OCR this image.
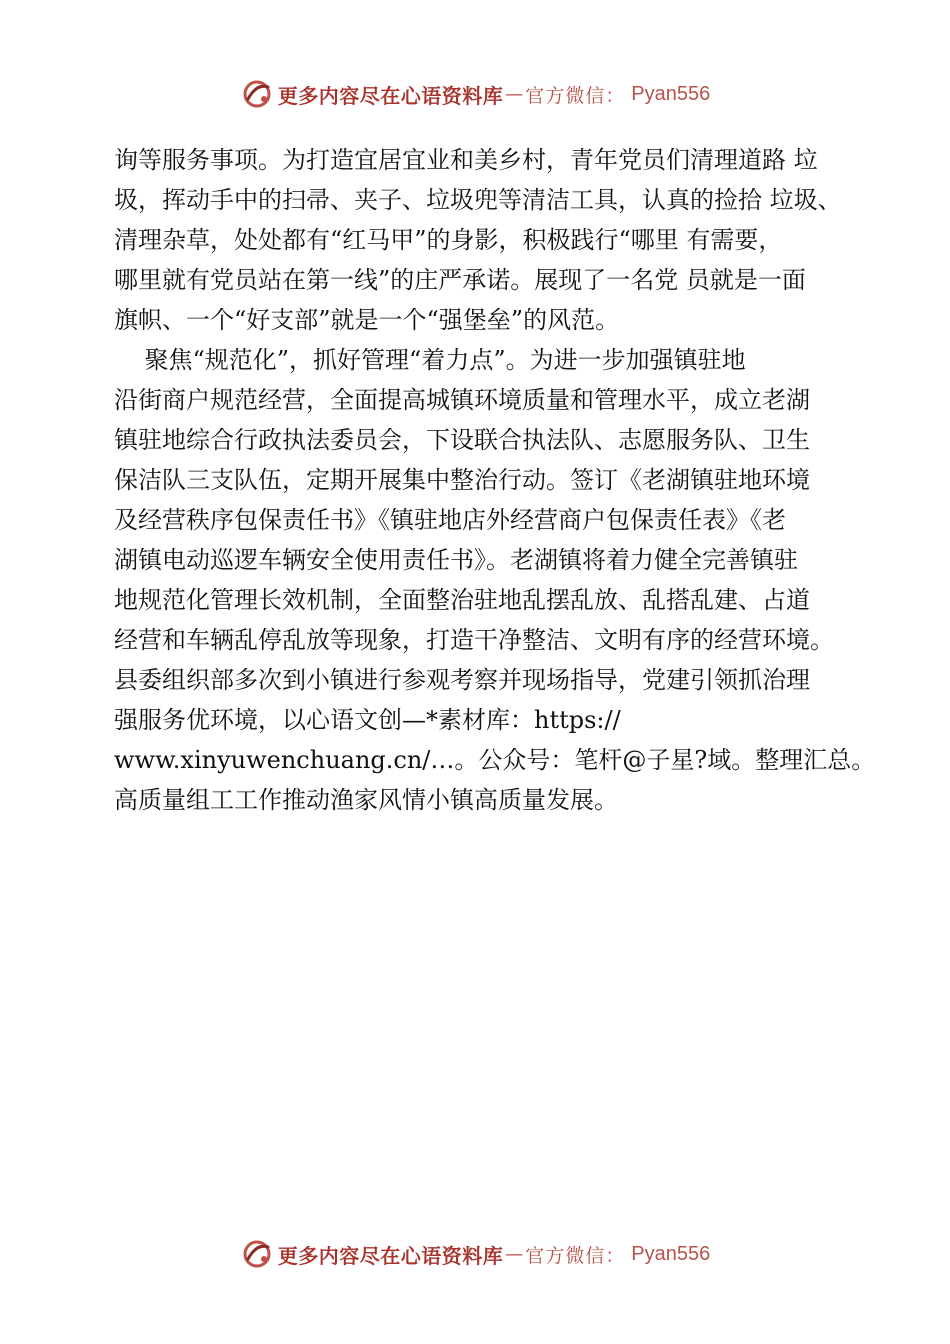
更多内容尽在心语资料库 — 官方微信： Pyan556
询等服务事项。为打造宜居宜业和美乡村，青年党员们清理道路 垃
圾，挥动手中的扫帚、夹子、垃圾兜等清洁工具，认真的捡拾 垃圾、
清理杂草，处处都有“红马甲”的身影，积极践行“哪里 有需要，
哪里就有党员站在第一线”的庄严承诺。展现了一名党 员就是一面
旗帜、一个“好支部”就是一个“强堡垒”的风范。
聚焦“规范化”，抓好管理“着力点”。为进一步加强镇驻地
沿街商户规范经营，全面提高城镇环境质量和管理水平，成立老湖
镇驻地综合行政执法委员会，下设联合执法队、志愿服务队、卫生
保洁队三支队伍，定期开展集中整治行动。签订《老湖镇驻地环境
及经营秩序包保责任书》《镇驻地店外经营商户包保责任表》《老
湖镇电动巡逻车辆安全使用责任书》。老湖镇将着力健全完善镇驻
地规范化管理长效机制，全面整治驻地乱摆乱放、乱搭乱建、占道
经营和车辆乱停乱放等现象，打造干净整洁、文明有序的经营环境。
县委组织部多次到小镇进行参观考察并现场指导，党建引领抓治理
强服务优环境，以心语文创—*素材库：https://
www.xinyuwenchuang.cn/…。公众号：笔杆@子星?域。整理汇总。
高质量组工工作推动渔家风情小镇高质量发展。
更多内容尽在心语资料库 — 官方微信： Pyan556
